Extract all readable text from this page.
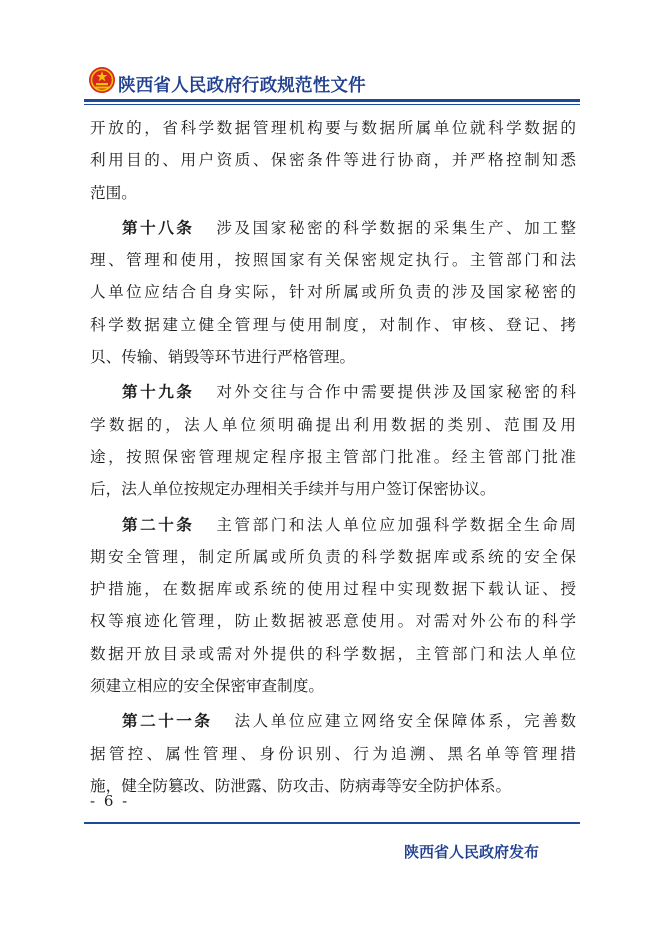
陕西省人民政府行政规范性文件
开放的，省科学数据管理机构要与数据所属单位就科学数据的
利用目的、用户资质、保密条件等进行协商，并严格控制知悉
范围。
第十八条 涉及国家秘密的科学数据的采集生产、加工整
理、管理和使用，按照国家有关保密规定执行。主管部门和法
人单位应结合自身实际，针对所属或所负责的涉及国家秘密的
科学数据建立健全管理与使用制度，对制作、审核、登记、拷
贝、传输、销毁等环节进行严格管理。
第十九条 对外交往与合作中需要提供涉及国家秘密的科
学数据的，法人单位须明确提出利用数据的类别、范围及用
途，按照保密管理规定程序报主管部门批准。经主管部门批准
后，法人单位按规定办理相关手续并与用户签订保密协议。
第二十条 主管部门和法人单位应加强科学数据全生命周
期安全管理，制定所属或所负责的科学数据库或系统的安全保
护措施，在数据库或系统的使用过程中实现数据下载认证、授
权等痕迹化管理，防止数据被恶意使用。对需对外公布的科学
数据开放目录或需对外提供的科学数据，主管部门和法人单位
须建立相应的安全保密审查制度。
第二十一条 法人单位应建立网络安全保障体系，完善数
据管控、属性管理、身份识别、行为追溯、黑名单等管理措
施，健全防篡改、防泄露、防攻击、防病毒等安全防护体系。
- 6 -
陕西省人民政府发布
